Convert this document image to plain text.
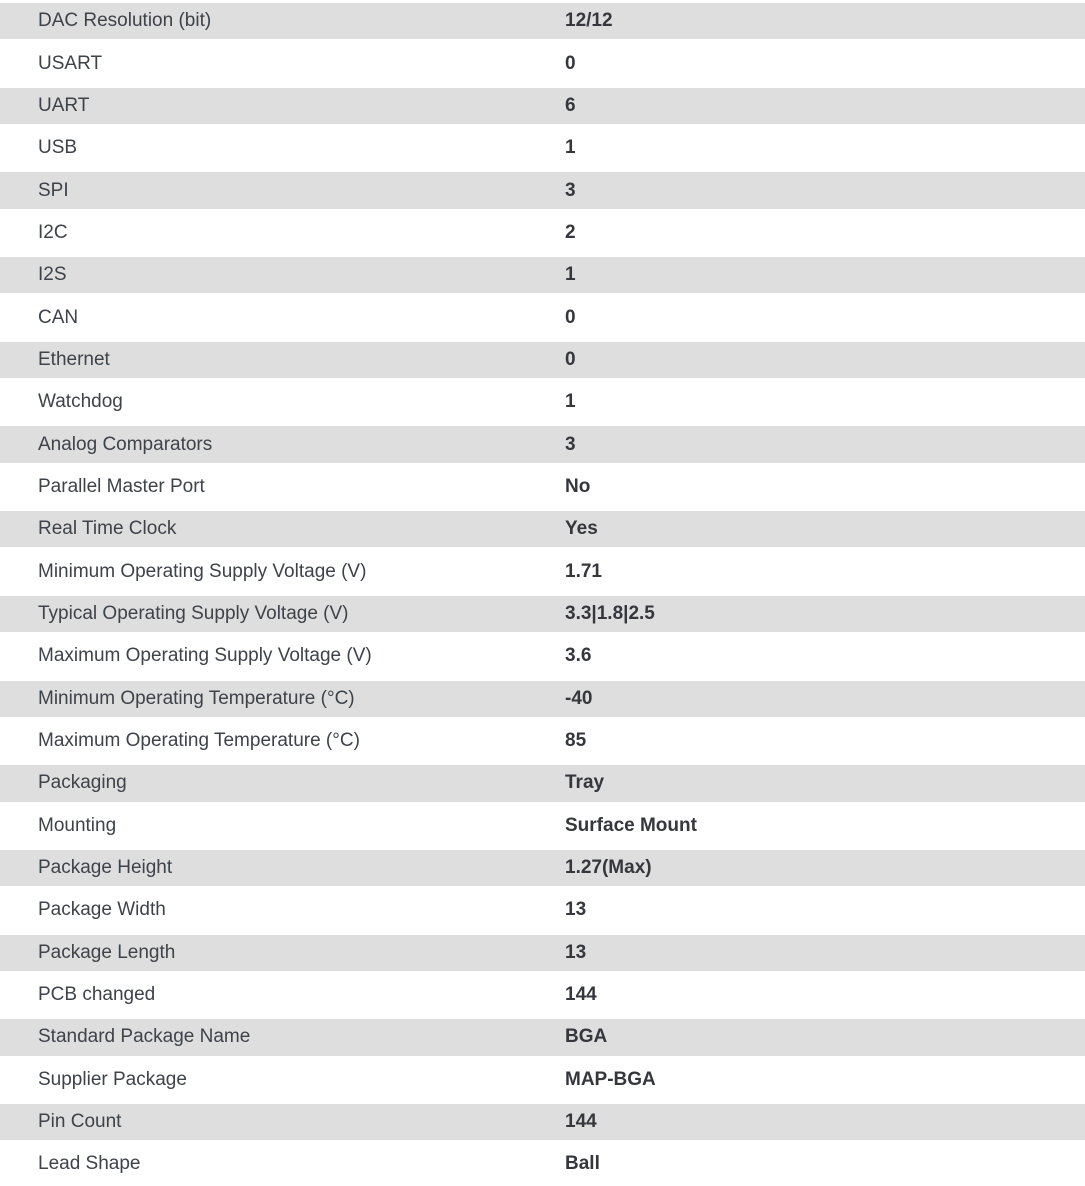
DAC Resolution (bit)	12/12
USART	0
UART	6
USB	1
SPI	3
I2C	2
I2S	1
CAN	0
Ethernet	0
Watchdog	1
Analog Comparators	3
Parallel Master Port	No
Real Time Clock	Yes
Minimum Operating Supply Voltage (V)	1.71
Typical Operating Supply Voltage (V)	3.3|1.8|2.5
Maximum Operating Supply Voltage (V)	3.6
Minimum Operating Temperature (°C)	-40
Maximum Operating Temperature (°C)	85
Packaging	Tray
Mounting	Surface Mount
Package Height	1.27(Max)
Package Width	13
Package Length	13
PCB changed	144
Standard Package Name	BGA
Supplier Package	MAP-BGA
Pin Count	144
Lead Shape	Ball
